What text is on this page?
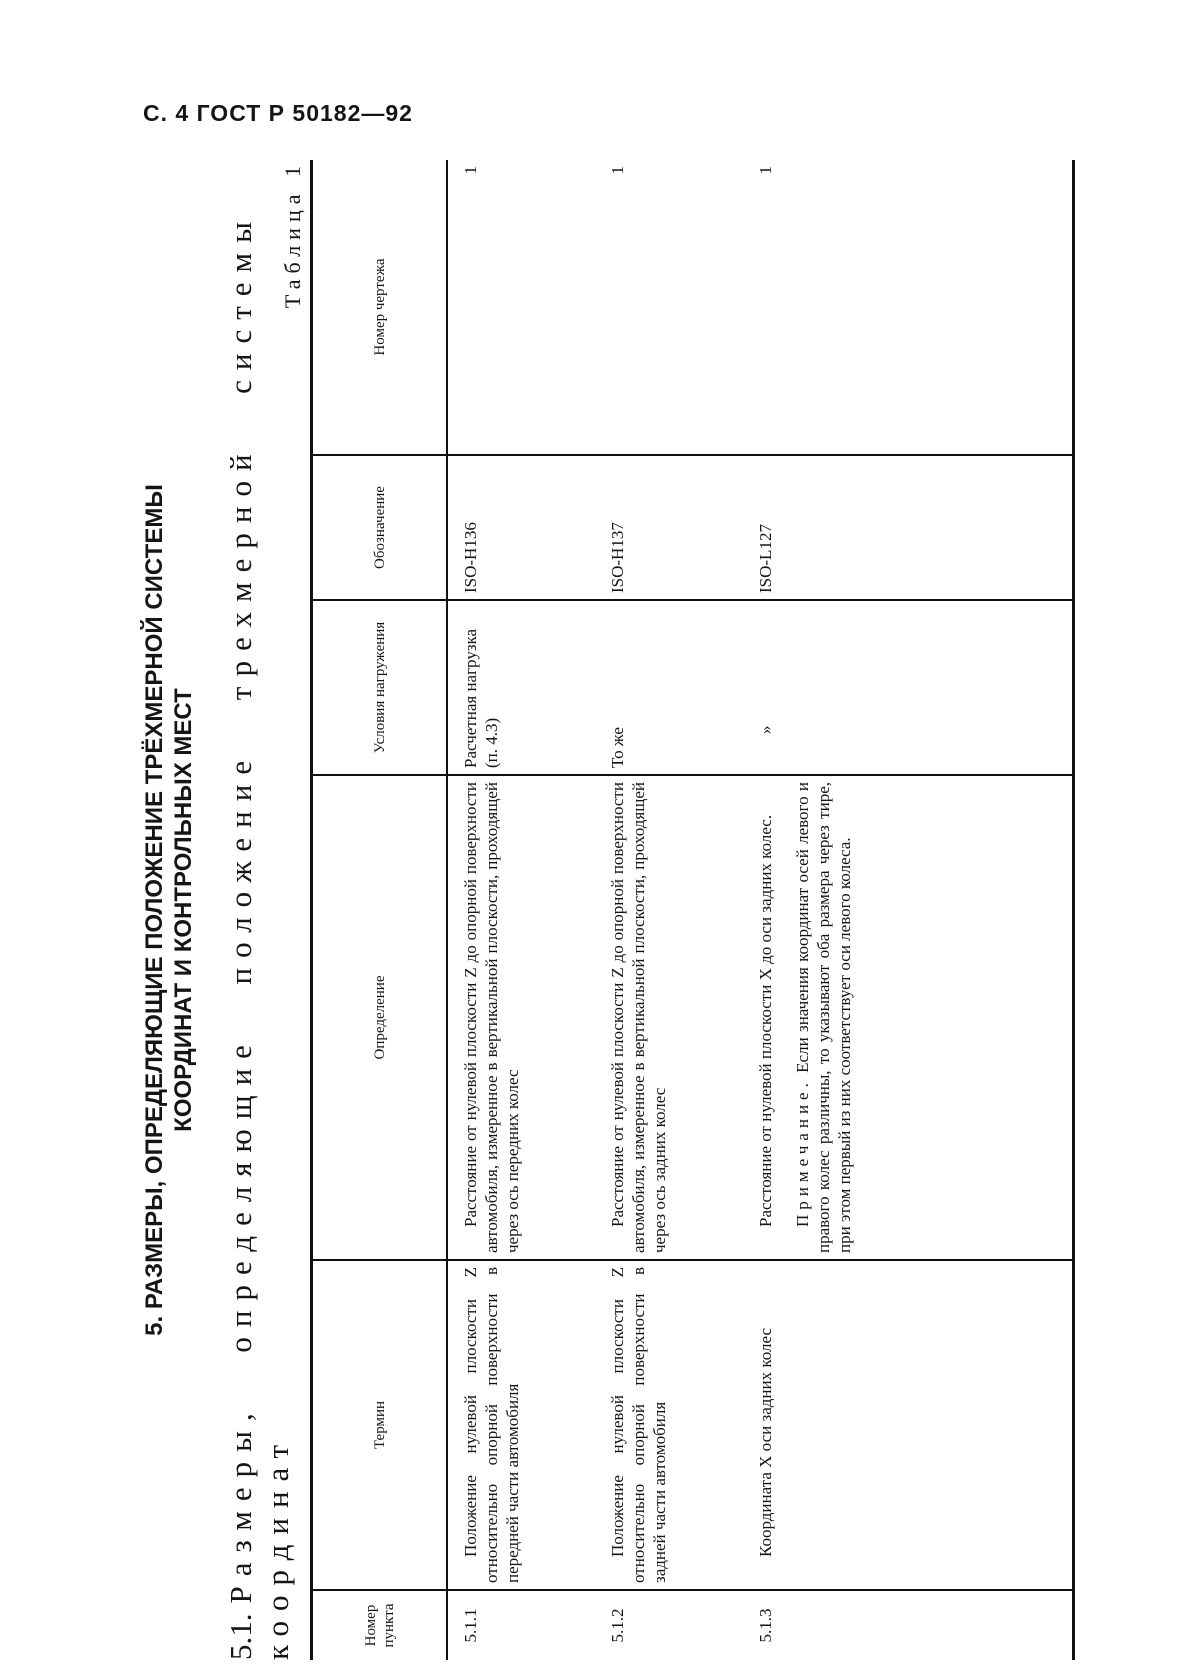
С. 4 ГОСТ Р 50182—92
5. РАЗМЕРЫ, ОПРЕДЕЛЯЮЩИЕ ПОЛОЖЕНИЕ ТРЁХМЕРНОЙ СИСТЕМЫ КООРДИНАТ И КОНТРОЛЬНЫХ МЕСТ
5.1.Размеры, определяющие положение трехмерной системы координат
Таблица 1
Номер пункта	Термин	Определение	Условия нагружения	Обозначение	Номер чертежа
5.1.1	Положение нулевой плоскости Z относительно опорной поверхности в передней части автомобиля	Расстояние от нулевой плоскости Z до опорной поверхности автомобиля, измеренное в вертикальной плоскости, проходящей через ось передних колес	Расчетная нагрузка (п. 4.3)	ISO-H136	1
5.1.2	Положение нулевой плоскости Z относительно опорной поверхности в задней части автомобиля	Расстояние от нулевой плоскости Z до опорной поверхности автомобиля, измеренное в вертикальной плоскости, проходящей через ось задних колес	То же	ISO-H137	1
5.1.3	Координата X оси задних колес	Расстояние от нулевой плоскости X до оси задних колес. Примечание. Если значения координат осей левого и правого колес различны, то указывают оба размера через тире, при этом первый из них соответствует оси левого колеса.	»	ISO-L127	1
